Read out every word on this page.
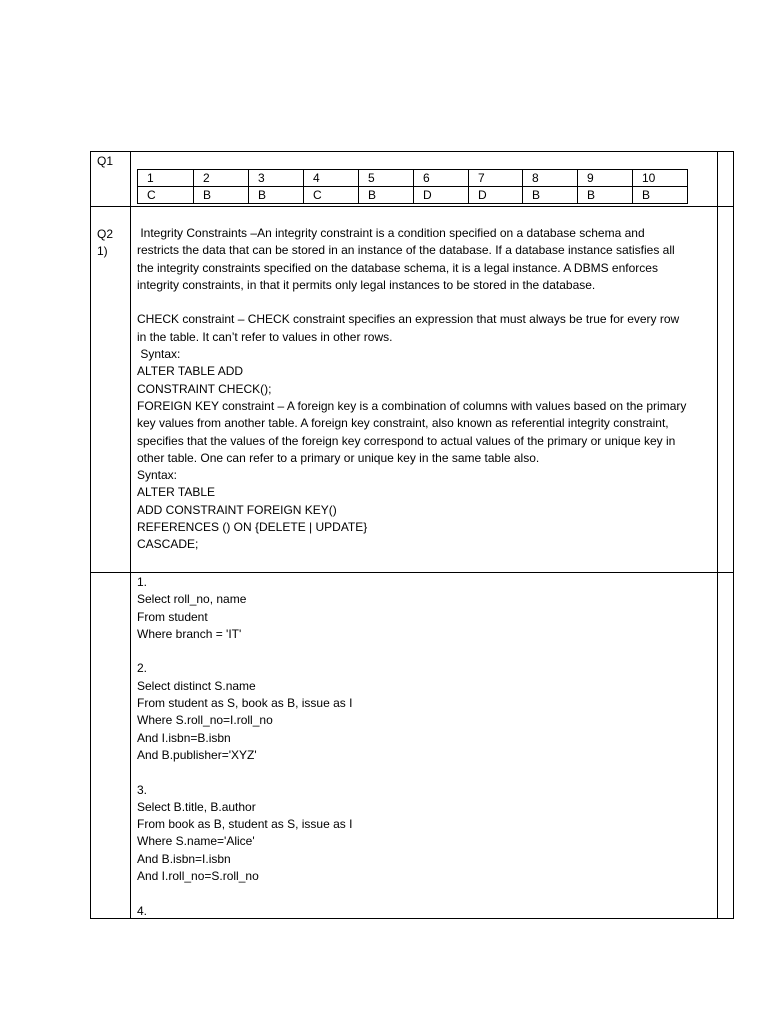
Q1
1	2	3	4	5	6	7	8	9	10
C	B	B	C	B	D	D	B	B	B
Q2
1)
Integrity Constraints –An integrity constraint is a condition specified on a database schema and
restricts the data that can be stored in an instance of the database. If a database instance satisfies all
the integrity constraints specified on the database schema, it is a legal instance. A DBMS enforces
integrity constraints, in that it permits only legal instances to be stored in the database.
CHECK constraint – CHECK constraint specifies an expression that must always be true for every row
in the table. It can’t refer to values in other rows.
Syntax:
ALTER TABLE ADD
CONSTRAINT CHECK();
FOREIGN KEY constraint – A foreign key is a combination of columns with values based on the primary
key values from another table. A foreign key constraint, also known as referential integrity constraint,
specifies that the values of the foreign key correspond to actual values of the primary or unique key in
other table. One can refer to a primary or unique key in the same table also.
Syntax:
ALTER TABLE
ADD CONSTRAINT FOREIGN KEY()
REFERENCES () ON {DELETE | UPDATE}
CASCADE;
1.
Select roll_no, name
From student
Where branch = 'IT'
2.
Select distinct S.name
From student as S, book as B, issue as I
Where S.roll_no=I.roll_no
And I.isbn=B.isbn
And B.publisher='XYZ'
3.
Select B.title, B.author
From book as B, student as S, issue as I
Where S.name='Alice'
And B.isbn=I.isbn
And I.roll_no=S.roll_no
4.
